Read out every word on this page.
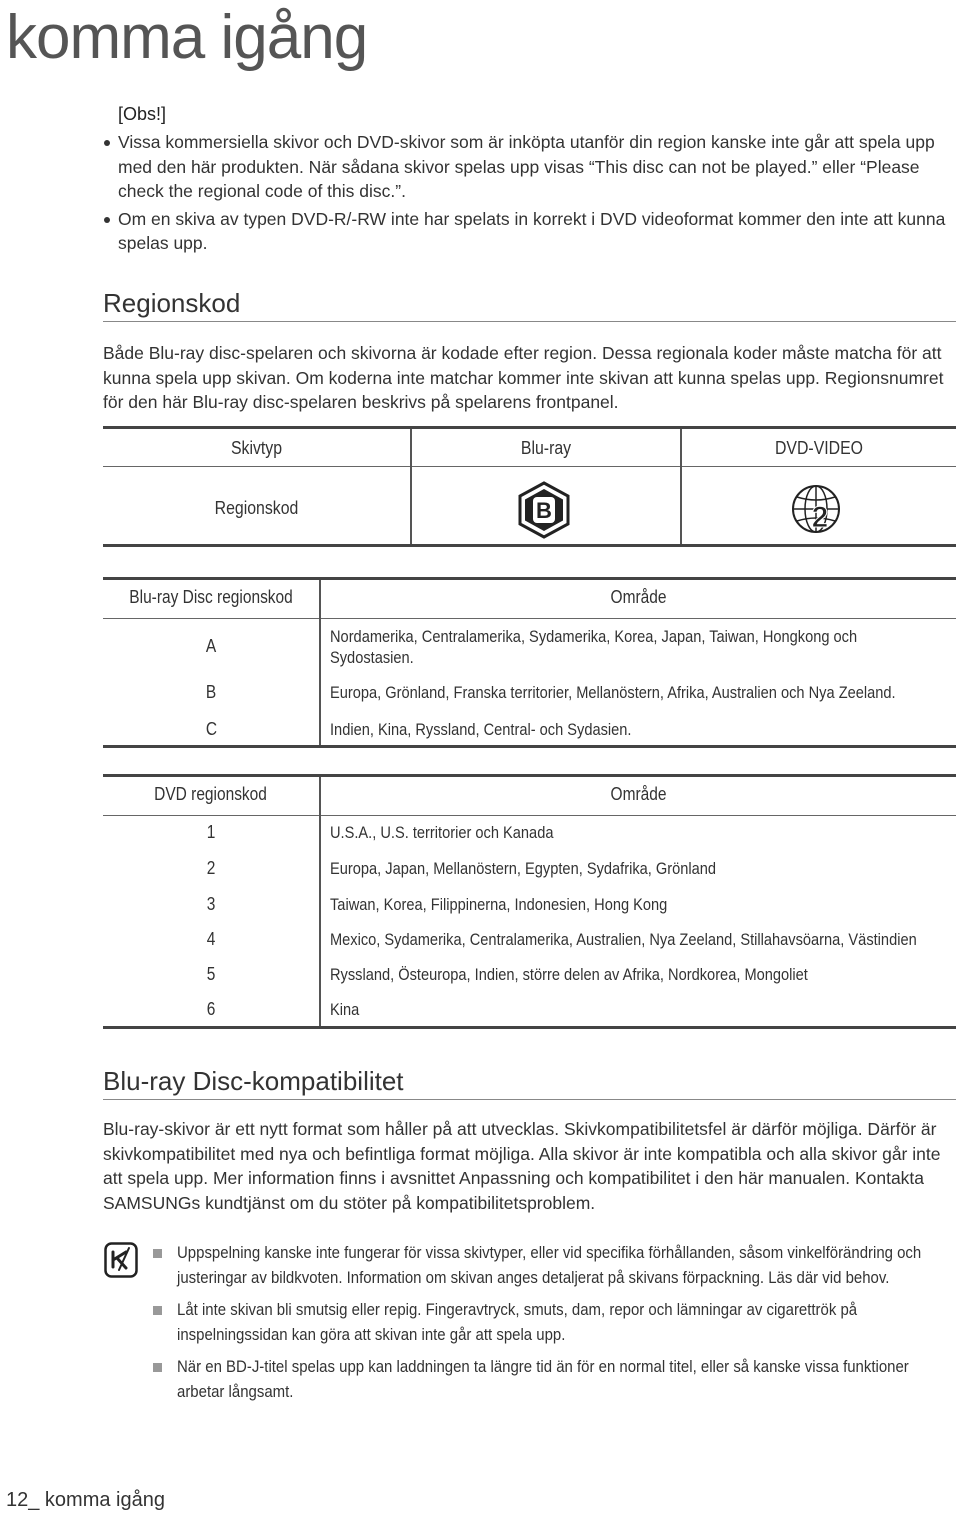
komma igång
[Obs!]
Vissa kommersiella skivor och DVD-skivor som är inköpta utanför din region kanske inte går att spela upp med den här produkten. När sådana skivor spelas upp visas “This disc can not be played.” eller “Please check the regional code of this disc.”.
Om en skiva av typen DVD-R/-RW inte har spelats in korrekt i DVD videoformat kommer den inte att kunna spelas upp.
Regionskod
Både Blu-ray disc-spelaren och skivorna är kodade efter region. Dessa regionala koder måste matcha för att kunna spela upp skivan. Om koderna inte matchar kommer inte skivan att kunna spelas upp. Regionsnumret för den här Blu-ray disc-spelaren beskrivs på spelarens frontpanel.
Skivtyp	Blu-ray	DVD-VIDEO
Regionskod	B	2
Blu-ray Disc regionskod	Område
A	Nordamerika, Centralamerika, Sydamerika, Korea, Japan, Taiwan, Hongkong och Sydostasien.
B	Europa, Grönland, Franska territorier, Mellanöstern, Afrika, Australien och Nya Zeeland.
C	Indien, Kina, Ryssland, Central- och Sydasien.
DVD regionskod	Område
1	U.S.A., U.S. territorier och Kanada
2	Europa, Japan, Mellanöstern, Egypten, Sydafrika, Grönland
3	Taiwan, Korea, Filippinerna, Indonesien, Hong Kong
4	Mexico, Sydamerika, Centralamerika, Australien, Nya Zeeland, Stillahavsöarna, Västindien
5	Ryssland, Östeuropa, Indien, större delen av Afrika, Nordkorea, Mongoliet
6	Kina
Blu-ray Disc-kompatibilitet
Blu-ray-skivor är ett nytt format som håller på att utvecklas. Skivkompatibilitetsfel är därför möjliga. Därför är skivkompatibilitet med nya och befintliga format möjliga. Alla skivor är inte kompatibla och alla skivor går inte att spela upp. Mer information finns i avsnittet Anpassning och kompatibilitet i den här manualen. Kontakta SAMSUNGs kundtjänst om du stöter på kompatibilitetsproblem.
Uppspelning kanske inte fungerar för vissa skivtyper, eller vid specifika förhållanden, såsom vinkelförändring och justeringar av bildkvoten. Information om skivan anges detaljerat på skivans förpackning. Läs där vid behov.
Låt inte skivan bli smutsig eller repig. Fingeravtryck, smuts, dam, repor och lämningar av cigarettrök på inspelningssidan kan göra att skivan inte går att spela upp.
När en BD-J-titel spelas upp kan laddningen ta längre tid än för en normal titel, eller så kanske vissa funktioner arbetar långsamt.
12_ komma igång
